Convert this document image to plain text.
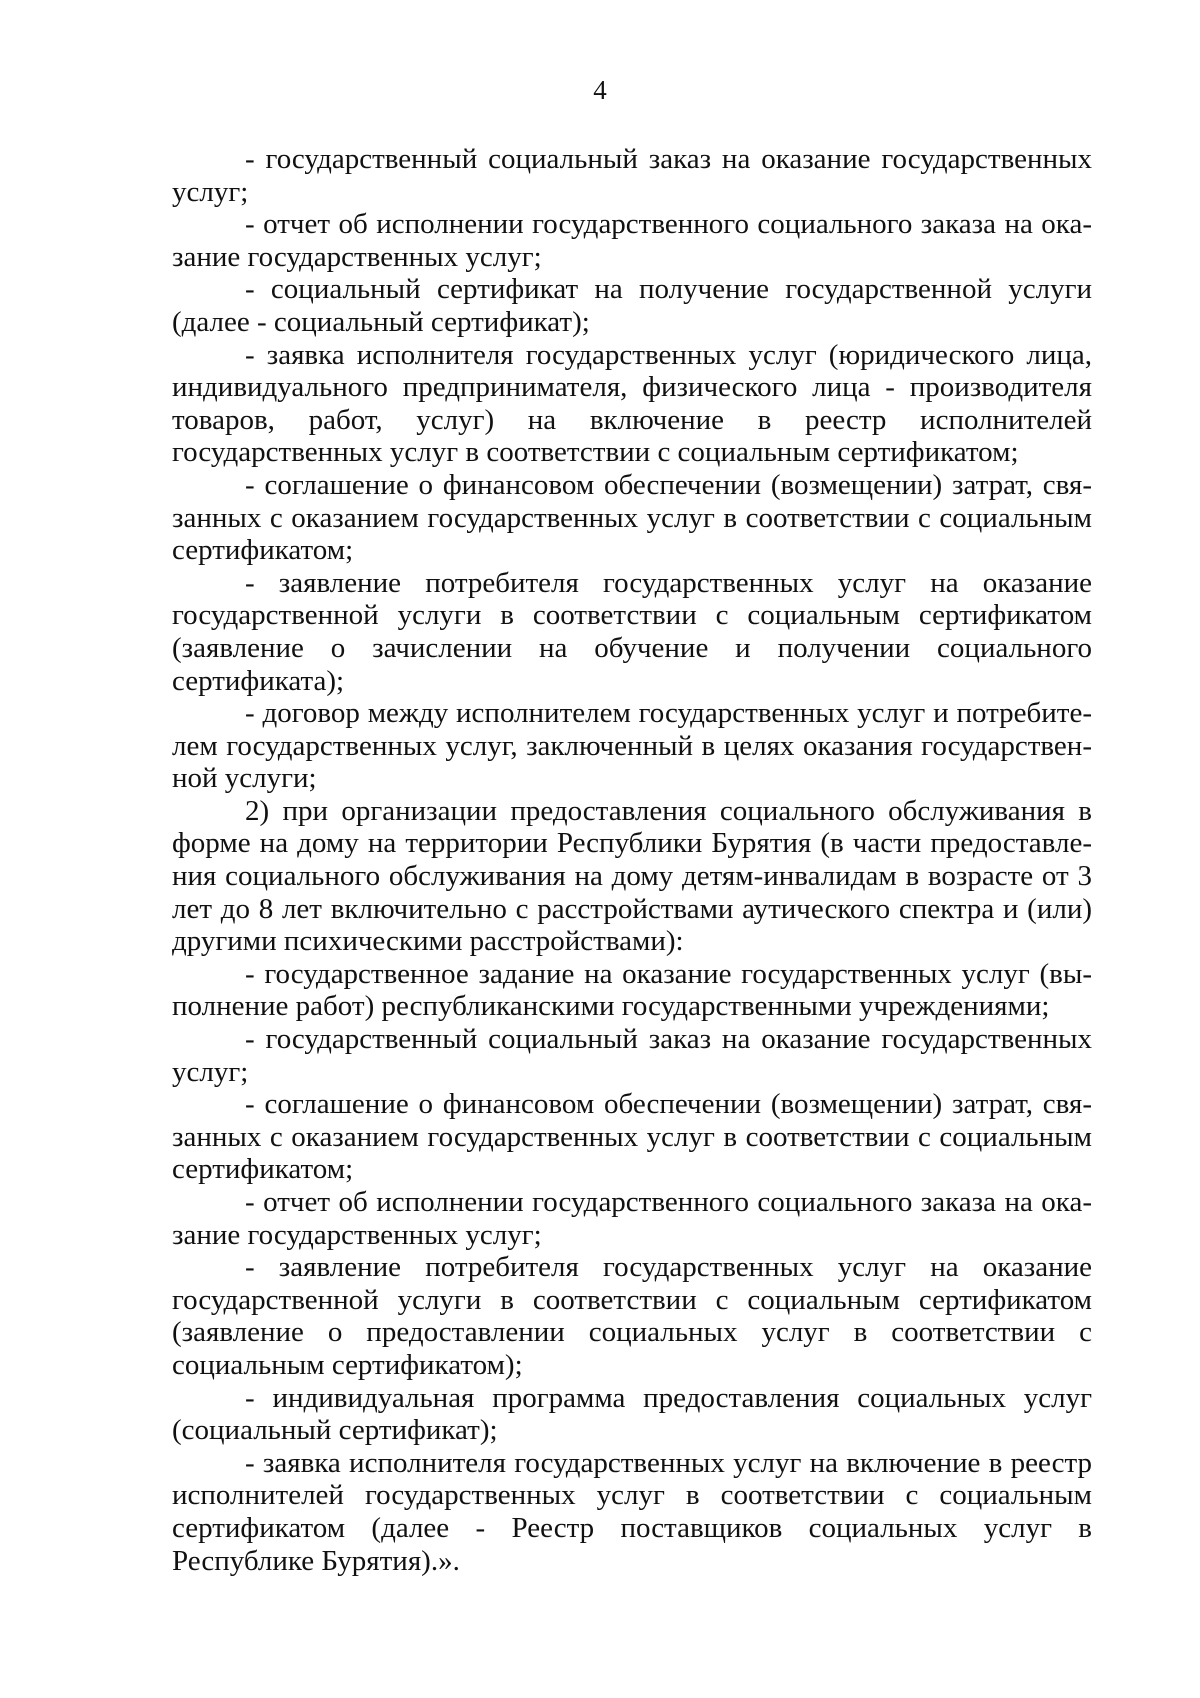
4

- государственный социальный заказ на оказание государственных услуг;

- отчет об исполнении государственного социального заказа на оказание государственных услуг;

- социальный сертификат на получение государственной услуги (далее - социальный сертификат);

- заявка исполнителя государственных услуг (юридического лица, индивидуального предпринимателя, физического лица - производителя товаров, работ, услуг) на включение в реестр исполнителей государственных услуг в соответствии с социальным сертификатом;

- соглашение о финансовом обеспечении (возмещении) затрат, связанных с оказанием государственных услуг в соответствии с социальным сертификатом;

- заявление потребителя государственных услуг на оказание государственной услуги в соответствии с социальным сертификатом (заявление о зачислении на обучение и получении социального сертификата);

- договор между исполнителем государственных услуг и потребителем государственных услуг, заключенный в целях оказания государственной услуги;

2) при организации предоставления социального обслуживания в форме на дому на территории Республики Бурятия (в части предоставления социального обслуживания на дому детям-инвалидам в возрасте от 3 лет до 8 лет включительно с расстройствами аутического спектра и (или) другими психическими расстройствами):

- государственное задание на оказание государственных услуг (выполнение работ) республиканскими государственными учреждениями;

- государственный социальный заказ на оказание государственных услуг;

- соглашение о финансовом обеспечении (возмещении) затрат, связанных с оказанием государственных услуг в соответствии с социальным сертификатом;

- отчет об исполнении государственного социального заказа на оказание государственных услуг;

- заявление потребителя государственных услуг на оказание государственной услуги в соответствии с социальным сертификатом (заявление о предоставлении социальных услуг в соответствии с социальным сертификатом);

- индивидуальная программа предоставления социальных услуг (социальный сертификат);

- заявка исполнителя государственных услуг на включение в реестр исполнителей государственных услуг в соответствии с социальным сертификатом (далее - Реестр поставщиков социальных услуг в Республике Бурятия).».
